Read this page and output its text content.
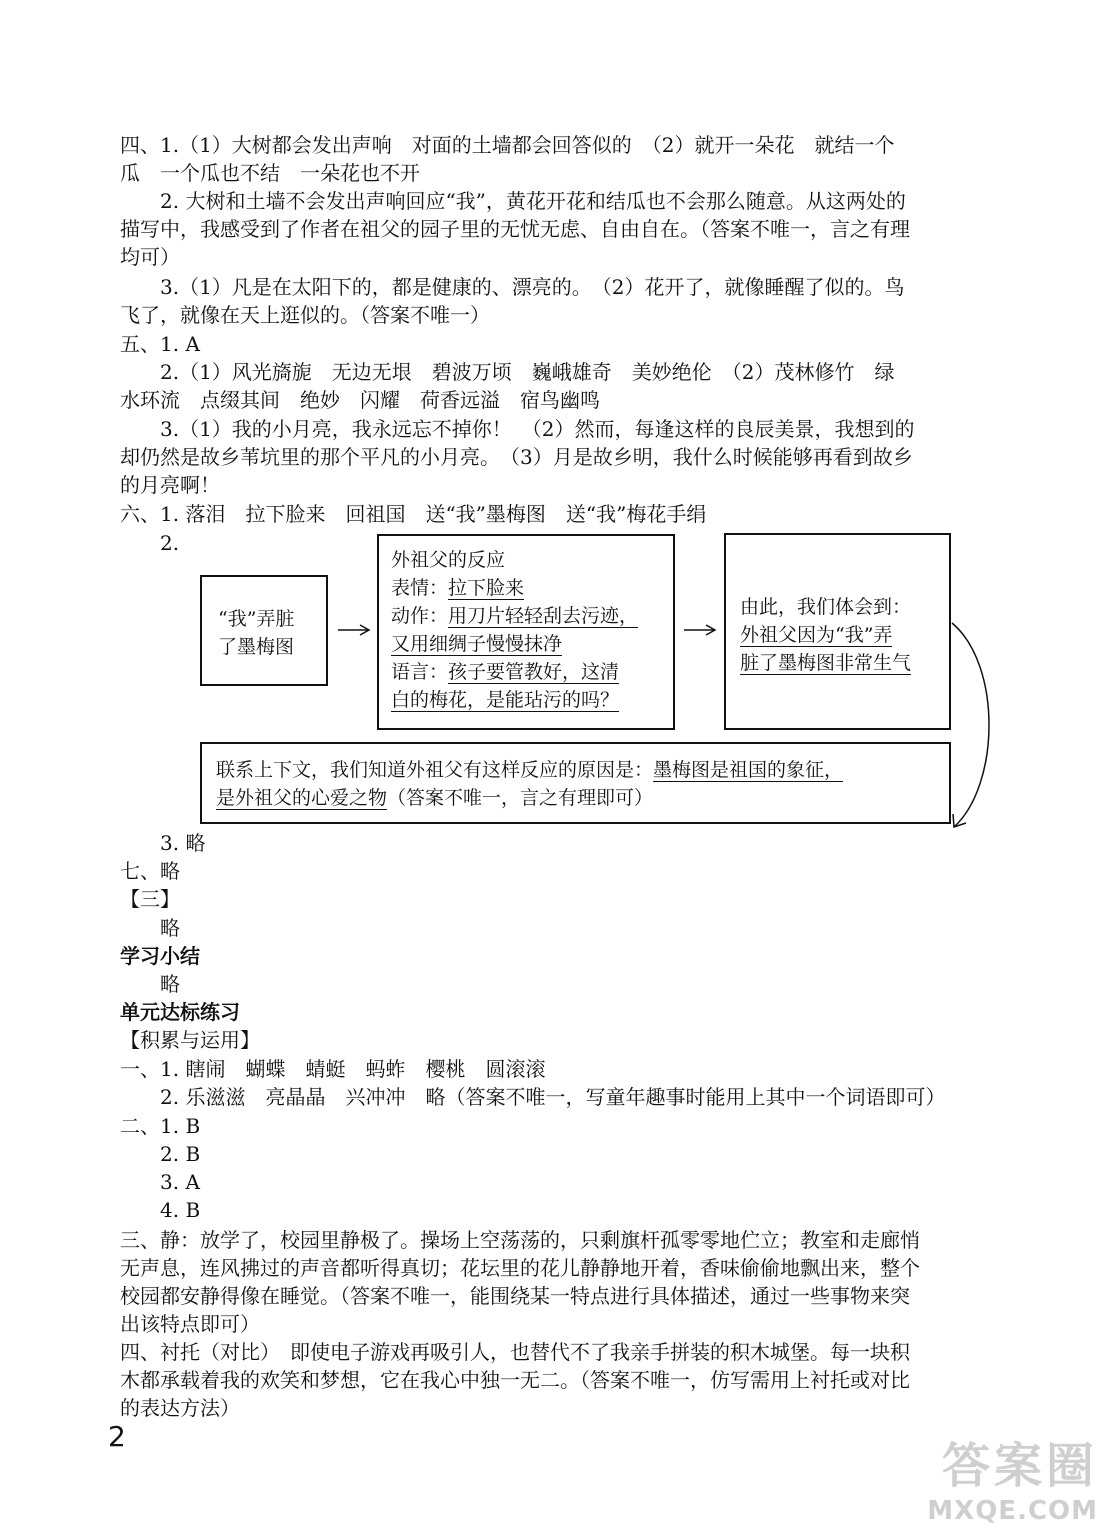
四、1.（1）大树都会发出声响　对面的土墙都会回答似的　（2）就开一朵花　就结一个
瓜　一个瓜也不结　一朵花也不开
　　2. 大树和土墙不会发出声响回应“我”，黄花开花和结瓜也不会那么随意。从这两处的
描写中，我感受到了作者在祖父的园子里的无忧无虑、自由自在。（答案不唯一，言之有理
均可）
　　3.（1）凡是在太阳下的，都是健康的、漂亮的。　（2）花开了，就像睡醒了似的。鸟
飞了，就像在天上逛似的。（答案不唯一）
五、1. A
　　2.（1）风光旖旎　无边无垠　碧波万顷　巍峨雄奇　美妙绝伦　（2）茂林修竹　绿
水环流　点缀其间　绝妙　闪耀　荷香远溢　宿鸟幽鸣
　　3.（1）我的小月亮，我永远忘不掉你！　（2）然而，每逢这样的良辰美景，我想到的
却仍然是故乡苇坑里的那个平凡的小月亮。　（3）月是故乡明，我什么时候能够再看到故乡
的月亮啊！
六、1. 落泪　拉下脸来　回祖国　送“我”墨梅图　送“我”梅花手绢
　　2.
“我”弄脏
了墨梅图
外祖父的反应
表情：拉下脸来
动作：用刀片轻轻刮去污迹，
又用细绸子慢慢抹净
语言：孩子要管教好，这清
白的梅花，是能玷污的吗？
由此，我们体会到：
外祖父因为“我”弄
脏了墨梅图非常生气
联系上下文，我们知道外祖父有这样反应的原因是：墨梅图是祖国的象征，
是外祖父的心爱之物（答案不唯一，言之有理即可）
　　3. 略
七、略
【三】
　　略
学习小结
　　略
单元达标练习
【积累与运用】
一、1. 瞎闹　蝴蝶　蜻蜓　蚂蚱　樱桃　圆滚滚
　　2. 乐滋滋　亮晶晶　兴冲冲　略（答案不唯一，写童年趣事时能用上其中一个词语即可）
二、1. B
　　2. B
　　3. A
　　4. B
三、静：放学了，校园里静极了。操场上空荡荡的，只剩旗杆孤零零地伫立；教室和走廊悄
无声息，连风拂过的声音都听得真切；花坛里的花儿静静地开着，香味偷偷地飘出来，整个
校园都安静得像在睡觉。（答案不唯一，能围绕某一特点进行具体描述，通过一些事物来突
出该特点即可）
四、衬托（对比）　即使电子游戏再吸引人，也替代不了我亲手拼装的积木城堡。每一块积
木都承载着我的欢笑和梦想，它在我心中独一无二。（答案不唯一，仿写需用上衬托或对比
的表达方法）
2
答案圈
MXQE.COM
